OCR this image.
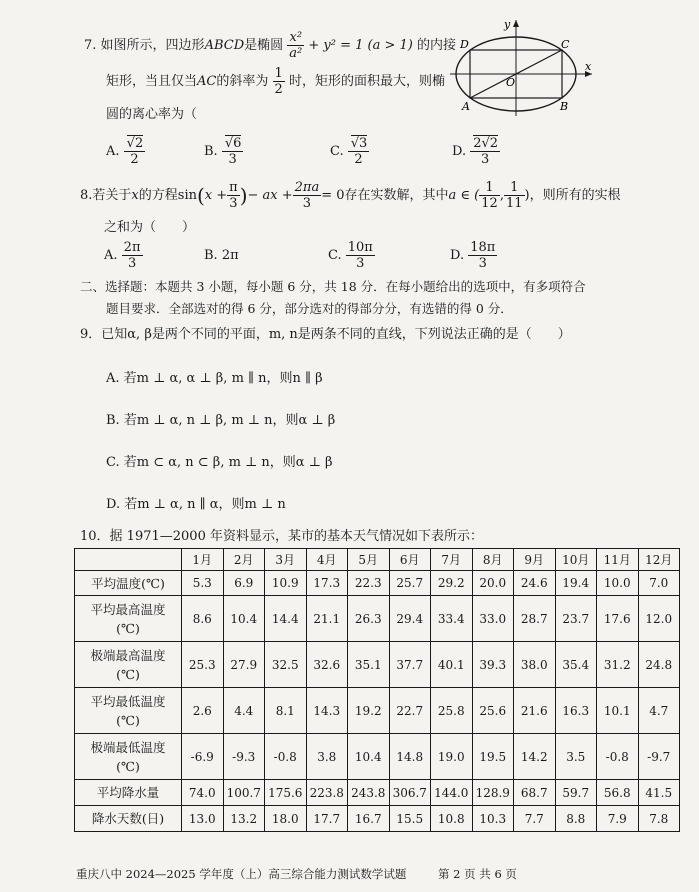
7. 如图所示，四边形ABCD是椭圆 $\frac{\text{x²}}{\text{a²}} + y^2 = 1$ (a > 1) 的内接
矩形，当且仅当AC的斜率为 $\frac{1}{2}$ 时，矩形的面积最大，则椭
圆的离心率为（
y
x
D	C
O
A	B
A. $\frac{√2}{2}$	B. $\frac{√6}{3}$	C. $\frac{√3}{2}$	D. $\frac{2√2}{3}$
8.若关于x的方程$\sin(x + \frac{\pi}{3}$ )− ax + $\frac{2\pi a}{3} = 0$存在实数解，其中a ∈ ( $\frac{1}{12}$ , $\frac{1}{11}$ )，则所有的实根
之和为（　　）
A. $\frac{2\pi}{3}$	B. 2π	C. $\frac{10\pi}{3}$	D. $\frac{18\pi}{3}$
二、选择题：本题共 3 小题，每小题 6 分，共 18 分．在每小题给出的选项中，有多项符合
题目要求．全部选对的得 6 分，部分选对的得部分分，有选错的得 0 分．
9．已知α, β是两个不同的平面，m, n是两条不同的直线，下列说法正确的是（　　）
A. 若m ⊥ α, α ⊥ β, m ∥ n，则n ∥ β
B. 若m ⊥ α, n ⊥ β, m ⊥ n，则α ⊥ β
C. 若m ⊂ α, n ⊂ β, m ⊥ n，则α ⊥ β
D. 若m ⊥ α, n ∥ α，则m ⊥ n
10．据 1971—2000 年资料显示，某市的基本天气情况如下表所示：
	1月	2月	3月	4月	5月	6月	7月	8月	9月	10月	11月	12月

平均温度(℃)	5.3	6.9	10.9	17.3	22.3	25.7	29.2	20.0	24.6	19.4	10.0	7.0

平均最高温度
(℃)	8.6	10.4	14.4	21.1	26.3	29.4	33.4	33.0	28.7	23.7	17.6	12.0

极端最高温度
(℃)	25.3	27.9	32.5	32.6	35.1	37.7	40.1	39.3	38.0	35.4	31.2	24.8

平均最低温度
(℃)	2.6	4.4	8.1	14.3	19.2	22.7	25.8	25.6	21.6	16.3	10.1	4.7

极端最低温度
(℃)	-6.9	-9.3	-0.8	3.8	10.4	14.8	19.0	19.5	14.2	3.5	-0.8	-9.7

平均降水量	74.0	100.7	175.6	223.8	243.8	306.7	144.0	128.9	68.7	59.7	56.8	41.5

降水天数(日)	13.0	13.2	18.0	17.7	16.7	15.5	10.8	10.3	7.7	8.8	7.9	7.8
重庆八中 2024—2025 学年度（上）高三综合能力测试数学试题	第 2 页 共 6 页
